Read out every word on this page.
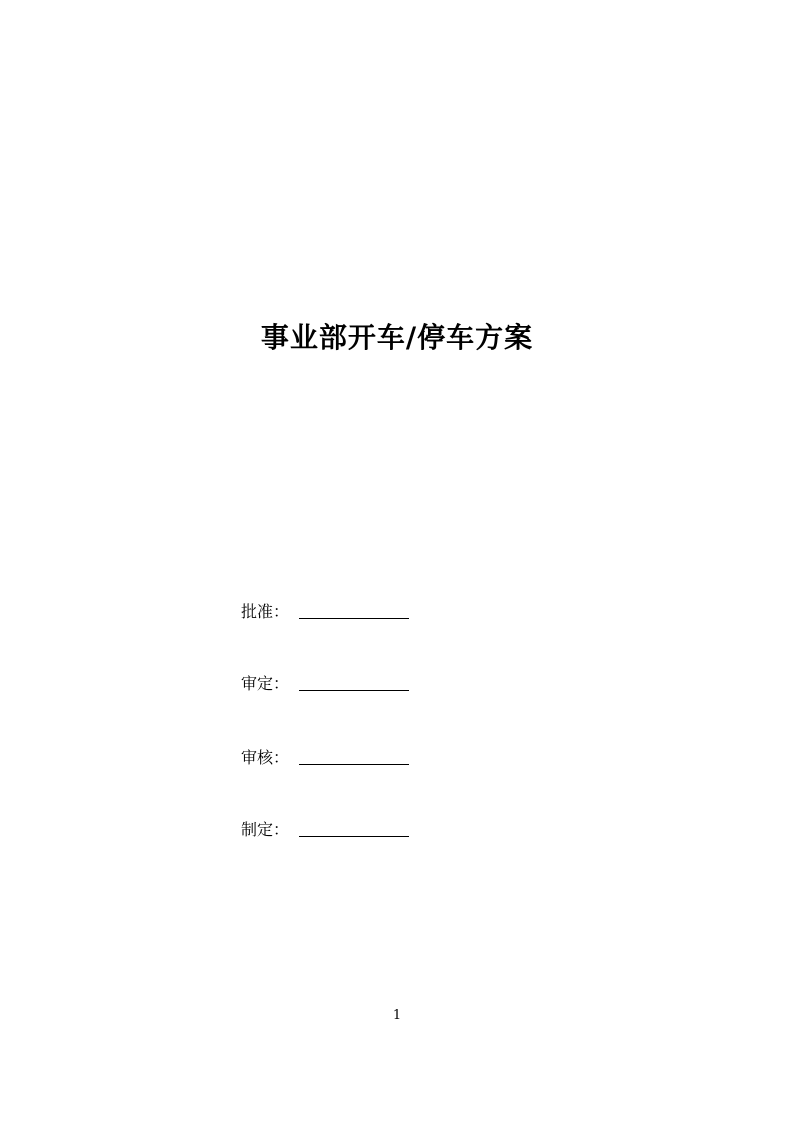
事业部开车/停车方案
批准：
审定：
审核：
制定：
1
